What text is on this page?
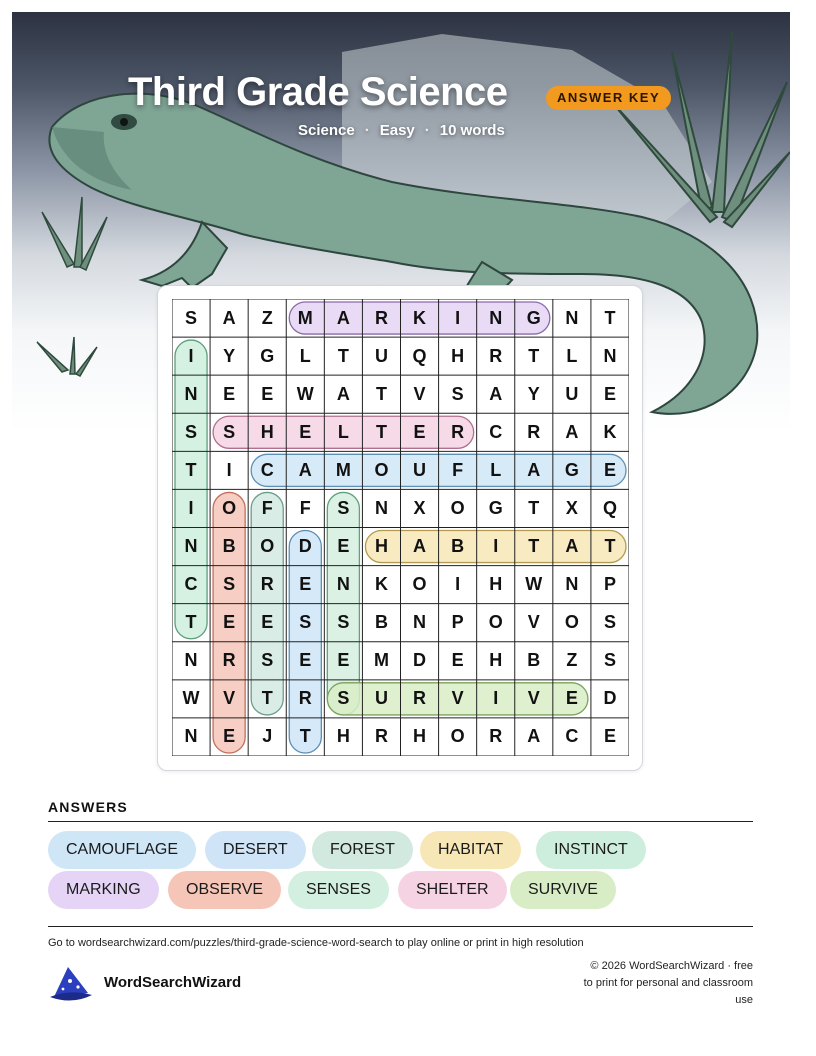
Third Grade Science	ANSWER KEY
Science · Easy · 10 words
S	A	Z	M	A	R	K	I	N	G	N	T
I	Y	G	L	T	U	Q	H	R	T	L	N
N	E	E	W	A	T	V	S	A	Y	U	E
S	S	H	E	L	T	E	R	C	R	A	K
T	I	C	A	M	O	U	F	L	A	G	E
I	O	F	F	S	N	X	O	G	T	X	Q
N	B	O	D	E	H	A	B	I	T	A	T
C	S	R	E	N	K	O	I	H	W	N	P
T	E	E	S	S	B	N	P	O	V	O	S
N	R	S	E	E	M	D	E	H	B	Z	S
W	V	T	R	S	U	R	V	I	V	E	D
N	E	J	T	H	R	H	O	R	A	C	E
ANSWERS
CAMOUFLAGE	DESERT	FOREST	HABITAT	INSTINCT
MARKING	OBSERVE	SENSES	SHELTER	SURVIVE
Go to wordsearchwizard.com/puzzles/third-grade-science-word-search to play online or print in high resolution
WordSearchWizard
© 2026 WordSearchWizard · free to print for personal and classroom use
